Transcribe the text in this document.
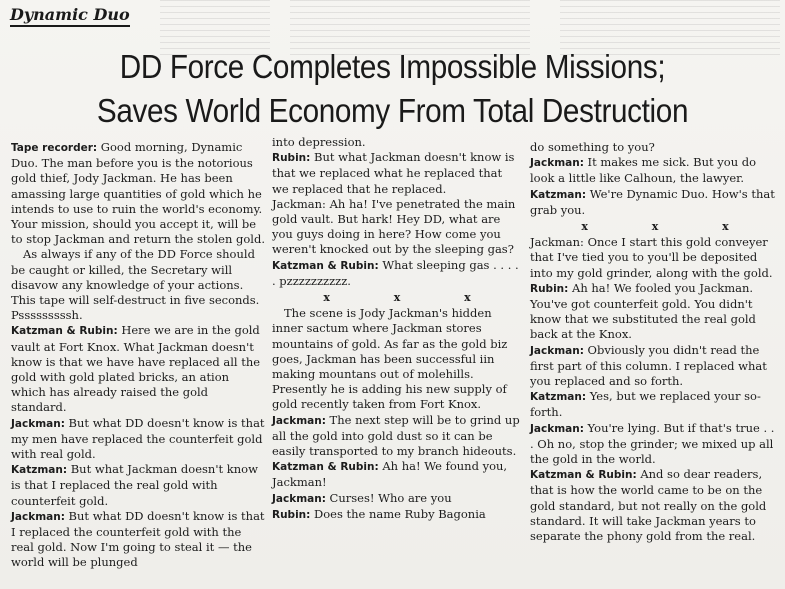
Dynamic Duo
DD Force Completes Impossible Missions;
Saves World Economy From Total Destruction

Tape recorder: Good morning, Dynamic Duo. The man before you is the notorious gold thief, Jody Jackman. He has been amassing large quantities of gold which he intends to use to ruin the world's economy. Your mission, should you accept it, will be to stop Jackman and return the stolen gold.

As always if any of the DD Force should be caught or killed, the Secretary will disavow any knowledge of your actions. This tape will self-destruct in five seconds. Psssssssssh.

Katzman & Rubin: Here we are in the gold vault at Fort Knox. What Jackman doesn't know is that we have have replaced all the gold with gold plated bricks, an ation which has already raised the gold standard.

Jackman: But what DD doesn't know is that my men have replaced the counterfeit gold with real gold.

Katzman: But what Jackman doesn't know is that I replaced the real gold with counterfeit gold.

Jackman: But what DD doesn't know is that I replaced the counterfeit gold with the real gold. Now I'm going to steal it — the world will be plunged

into depression.

Rubin: But what Jackman doesn't know is that we replaced what he replaced that we replaced that he replaced.

Jackman: Ah ha! I've penetrated the main gold vault. But hark! Hey DD, what are you guys doing in here? How come you weren't knocked out by the sleeping gas?

Katzman & Rubin: What sleeping gas . . . . . pzzzzzzzzzz.

x x x

The scene is Jody Jackman's hidden inner sactum where Jackman stores mountains of gold. As far as the gold biz goes, Jackman has been successful iin making mountans out of molehills. Presently he is adding his new supply of gold recently taken from Fort Knox.

Jackman: The next step will be to grind up all the gold into gold dust so it can be easily transported to my branch hideouts.

Katzman & Rubin: Ah ha! We found you, Jackman!

Jackman: Curses! Who are you

Rubin: Does the name Ruby Bagonia

do something to you?

Jackman: It makes me sick. But you do look a little like Calhoun, the lawyer.

Katzman: We're Dynamic Duo. How's that grab you.

x x x

Jackman: Once I start this gold conveyer that I've tied you to you'll be deposited into my gold grinder, along with the gold.

Rubin: Ah ha! We fooled you Jackman. You've got counterfeit gold. You didn't know that we substituted the real gold back at the Knox.

Jackman: Obviously you didn't read the first part of this column. I replaced what you replaced and so forth.

Katzman: Yes, but we replaced your so-forth.

Jackman: You're lying. But if that's true . . . Oh no, stop the grinder; we mixed up all the gold in the world.

Katzman & Rubin: And so dear readers, that is how the world came to be on the gold standard, but not really on the gold standard. It will take Jackman years to separate the phony gold from the real.
